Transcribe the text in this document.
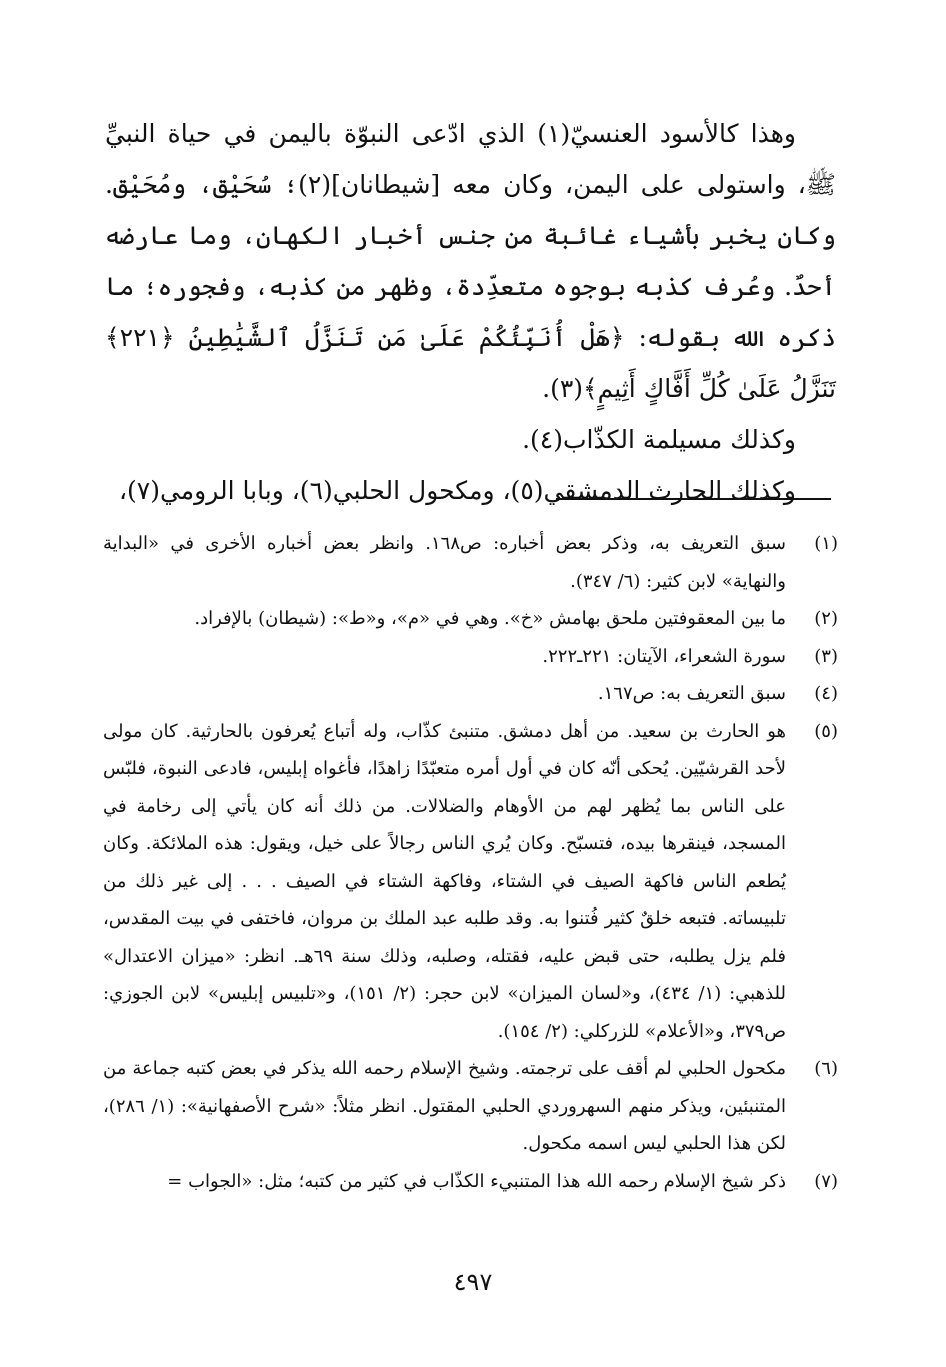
وهذا كالأسود العنسيّ(١) الذي ادّعى النبوّة باليمن في حياة النبيِّ ﷺ، واستولى على اليمن، وكان معه [شيطانان](٢)؛ سُحَيْق، ومُحَيْق. وكان يخبر بأشياء غائبة من جنس أخبار الكهان، وما عارضه أحدٌ. وعُرف كذبه بوجوه متعدِّدة، وظهر من كذبه، وفجوره؛ ما ذكره الله بقوله: ﴿هَلْ أُنَبِّئُكُمْ عَلَىٰ مَن تَنَزَّلُ ٱلشَّيَٰطِينُ ﴿٢٢١﴾ تَنَزَّلُ عَلَىٰ كُلِّ أَفَّاكٍ أَثِيمٍ﴾(٣).

وكذلك مسيلمة الكذّاب(٤).

وكذلك الحارث الدمشقي(٥)، ومكحول الحلبي(٦)، وبابا الرومي(٧)،

(١)
سبق التعريف به، وذكر بعض أخباره: ص١٦٨. وانظر بعض أخباره الأخرى في «البداية والنهاية» لابن كثير: (٦/ ٣٤٧).
(٢)
ما بين المعقوفتين ملحق بهامش «خ». وهي في «م»، و«ط»: (شيطان) بالإفراد.
(٣)
سورة الشعراء، الآيتان: ٢٢١ـ٢٢٢.
(٤)
سبق التعريف به: ص١٦٧.
(٥)
هو الحارث بن سعيد. من أهل دمشق. متنبئ كذّاب، وله أتباع يُعرفون بالحارثية. كان مولى لأحد القرشيّين. يُحكى أنّه كان في أول أمره متعبّدًا زاهدًا، فأغواه إبليس، فادعى النبوة، فلبّس على الناس بما يُظهر لهم من الأوهام والضلالات. من ذلك أنه كان يأتي إلى رخامة في المسجد، فينقرها بيده، فتسبّح. وكان يُري الناس رجالاً على خيل، ويقول: هذه الملائكة. وكان يُطعم الناس فاكهة الصيف في الشتاء، وفاكهة الشتاء في الصيف . . . إلى غير ذلك من تلبيساته. فتبعه خلقٌ كثير فُتنوا به. وقد طلبه عبد الملك بن مروان، فاختفى في بيت المقدس، فلم يزل يطلبه، حتى قبض عليه، فقتله، وصلبه، وذلك سنة ٦٩هـ. انظر: «ميزان الاعتدال» للذهبي: (١/ ٤٣٤)، و«لسان الميزان» لابن حجر: (٢/ ١٥١)، و«تلبيس إبليس» لابن الجوزي: ص٣٧٩، و«الأعلام» للزركلي: (٢/ ١٥٤).
(٦)
مكحول الحلبي لم أقف على ترجمته. وشيخ الإسلام رحمه الله يذكر في بعض كتبه جماعة من المتنبئين، ويذكر منهم السهروردي الحلبي المقتول. انظر مثلاً: «شرح الأصفهانية»: (١/ ٢٨٦)، لكن هذا الحلبي ليس اسمه مكحول.
(٧)
ذكر شيخ الإسلام رحمه الله هذا المتنبيء الكذّاب في كثير من كتبه؛ مثل: «الجواب =
٤٩٧
